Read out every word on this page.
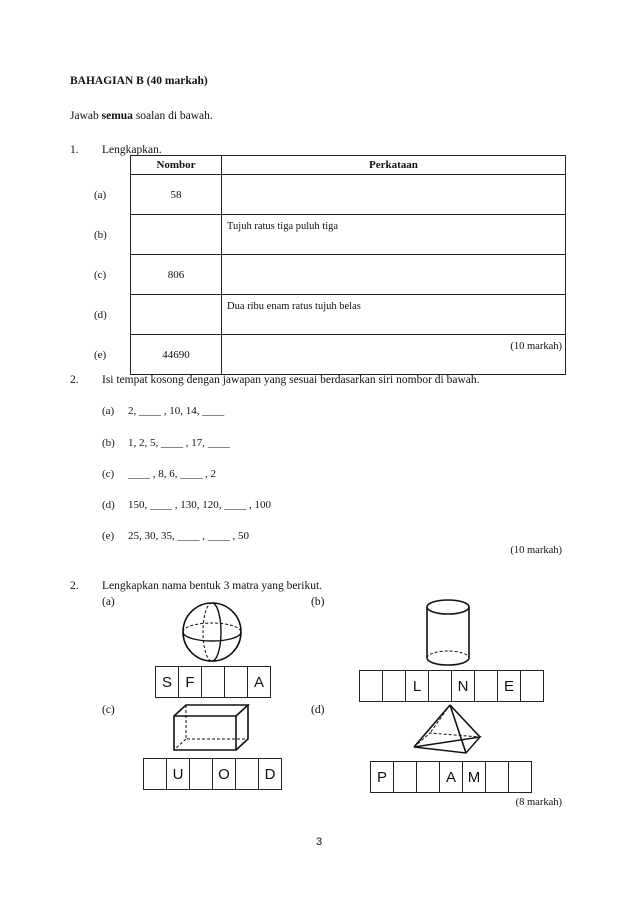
BAHAGIAN B (40 markah)
Jawab semua soalan di bawah.
1. Lengkapkan.
	Nombor	Perkataan
(a)	58	
(b)		Tujuh ratus tiga puluh tiga
(c)	806	
(d)		Dua ribu enam ratus tujuh belas
(e)	44690	
(10 markah)
2. Isi tempat kosong dengan jawapan yang sesuai berdasarkan siri nombor di bawah.
(a) 2, ____ , 10, 14, ____
(b) 1, 2, 5, ____ , 17, ____
(c) ____ , 8, 6, ____ , 2
(d) 150, ____ , 130, 120, ____ , 100
(e) 25, 30, 35, ____ , ____ , 50
(10 markah)
2. Lengkapkan nama bentuk 3 matra yang berikut.
(a)	(b)
(c)	(d)
S F	A	L	N	E
U	O	D	P	A M
(8 markah)
3
